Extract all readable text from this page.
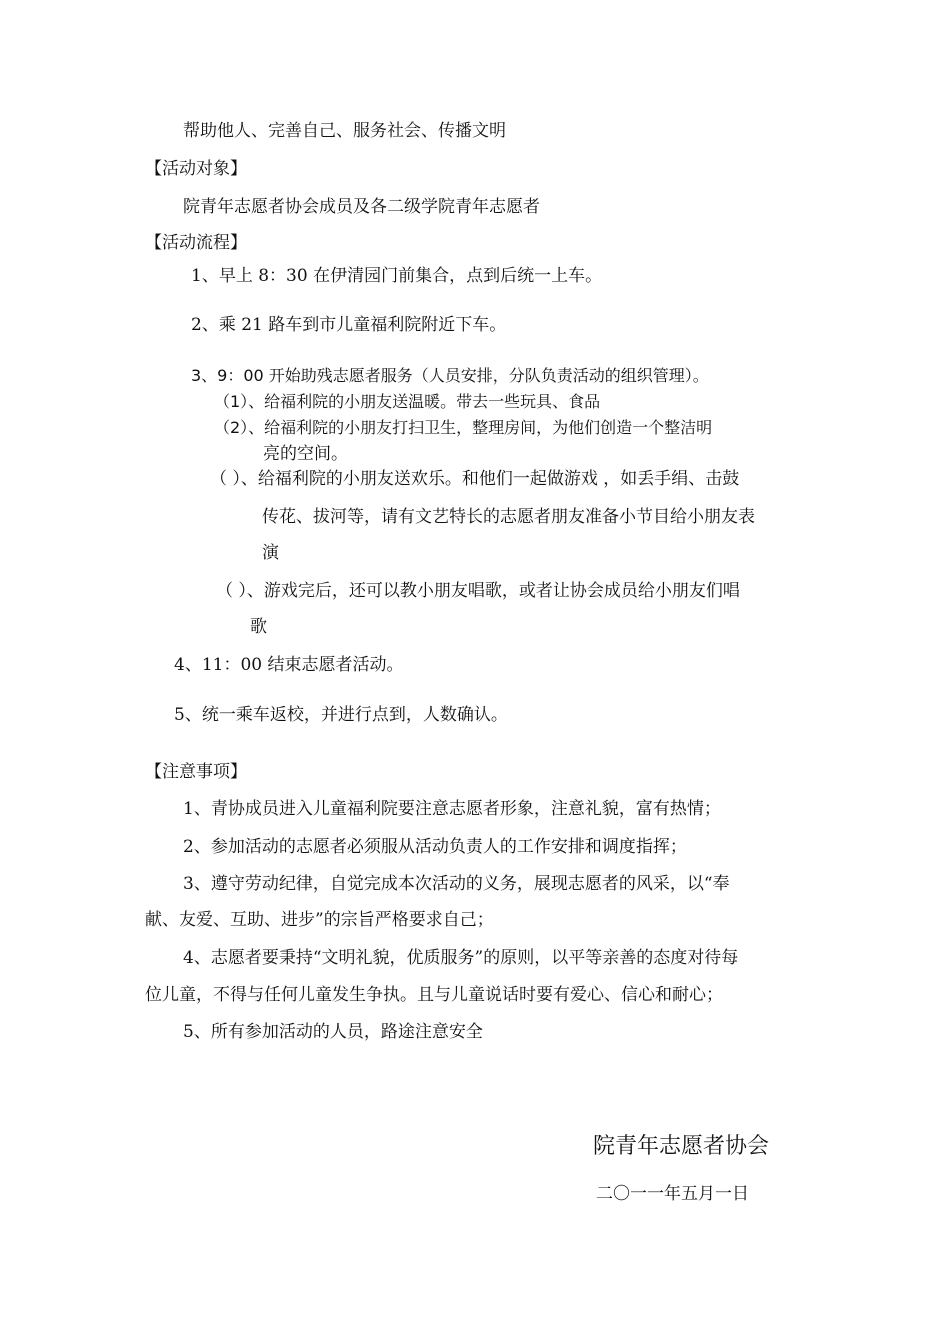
帮助他人、完善自己、服务社会、传播文明
【活动对象】
院青年志愿者协会成员及各二级学院青年志愿者
【活动流程】
1、早上 8：30 在伊清园门前集合，点到后统一上车。
2、乘 21 路车到市儿童福利院附近下车。
3、9：00 开始助残志愿者服务（人员安排，分队负责活动的组织管理）。
（1）、给福利院的小朋友送温暖。带去一些玩具、食品
（2）、给福利院的小朋友打扫卫生，整理房间，为他们创造一个整洁明
亮的空间。
（ ）、给福利院的小朋友送欢乐。和他们一起做游戏 ，如丢手绢、击鼓
传花、拔河等，请有文艺特长的志愿者朋友准备小节目给小朋友表
演
（ ）、游戏完后，还可以教小朋友唱歌，或者让协会成员给小朋友们唱
歌
4、11：00 结束志愿者活动。
5、统一乘车返校，并进行点到，人数确认。
【注意事项】
1、青协成员进入儿童福利院要注意志愿者形象，注意礼貌，富有热情；
2、参加活动的志愿者必须服从活动负责人的工作安排和调度指挥；
3、遵守劳动纪律，自觉完成本次活动的义务，展现志愿者的风采，以“奉
献、友爱、互助、进步”的宗旨严格要求自己；
4、志愿者要秉持“文明礼貌，优质服务”的原则，以平等亲善的态度对待每
位儿童，不得与任何儿童发生争执。且与儿童说话时要有爱心、信心和耐心；
5、所有参加活动的人员，路途注意安全
院青年志愿者协会
二〇一一年五月一日
